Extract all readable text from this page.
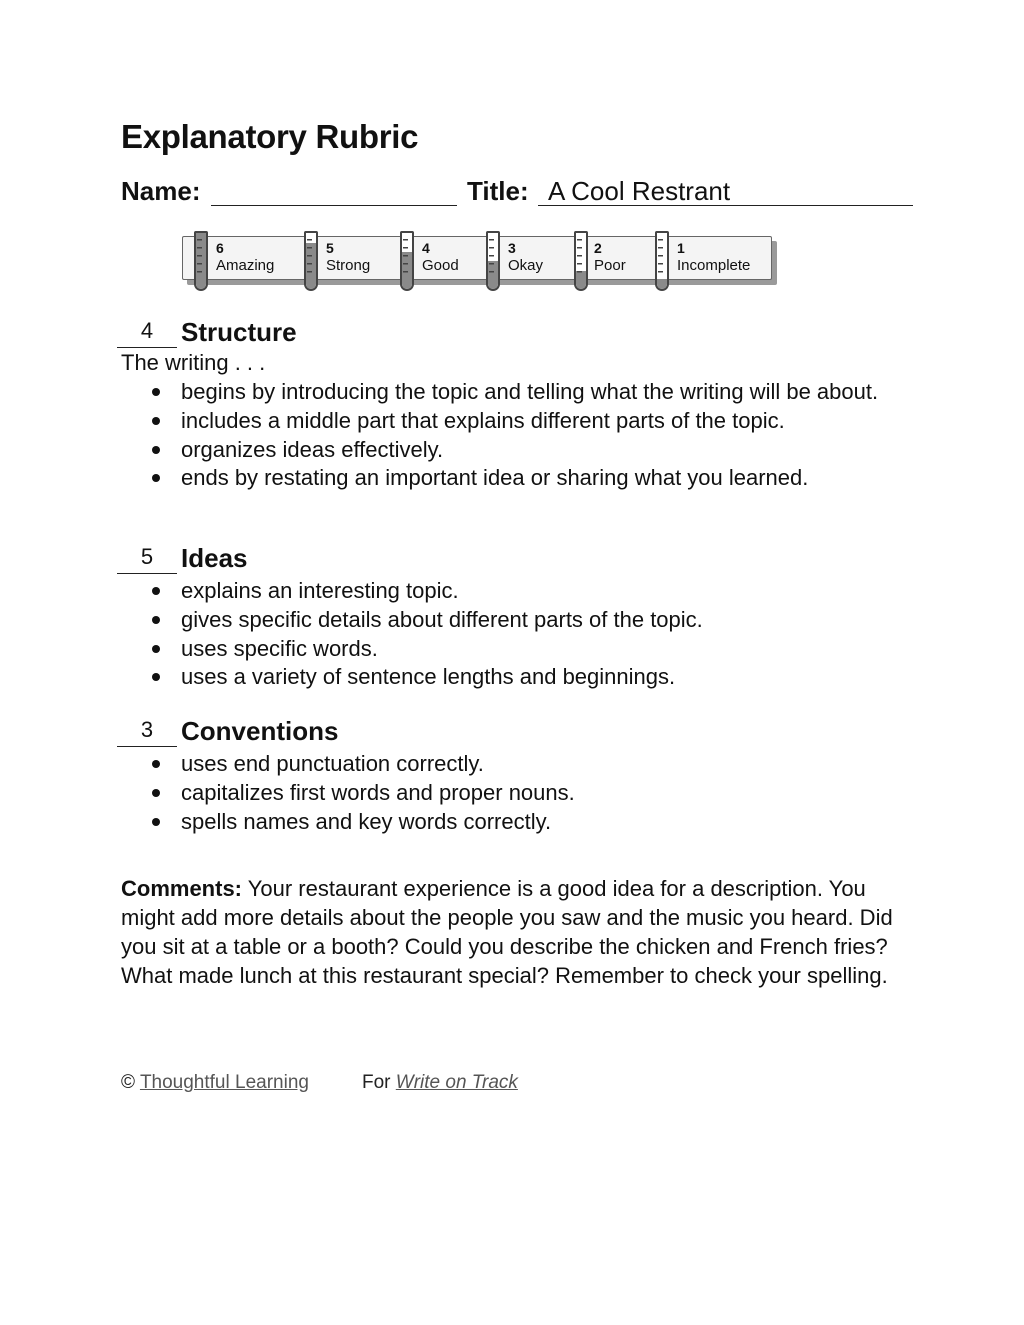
Explanatory Rubric
Name:	Title: A Cool Restrant
6
Amazing
5
Strong
4
Good
3
Okay
2
Poor
1
Incomplete
4	Structure
The writing . . .
begins by introducing the topic and telling what the writing will be about.
includes a middle part that explains different parts of the topic.
organizes ideas effectively.
ends by restating an important idea or sharing what you learned.
5	Ideas
explains an interesting topic.
gives specific details about different parts of the topic.
uses specific words.
uses a variety of sentence lengths and beginnings.
3	Conventions
uses end punctuation correctly.
capitalizes first words and proper nouns.
spells names and key words correctly.
Comments: Your restaurant experience is a good idea for a description. You might add more details about the people you saw and the music you heard. Did you sit at a table or a booth? Could you describe the chicken and French fries? What made lunch at this restaurant special? Remember to check your spelling.
© Thoughtful Learning	For Write on Track
